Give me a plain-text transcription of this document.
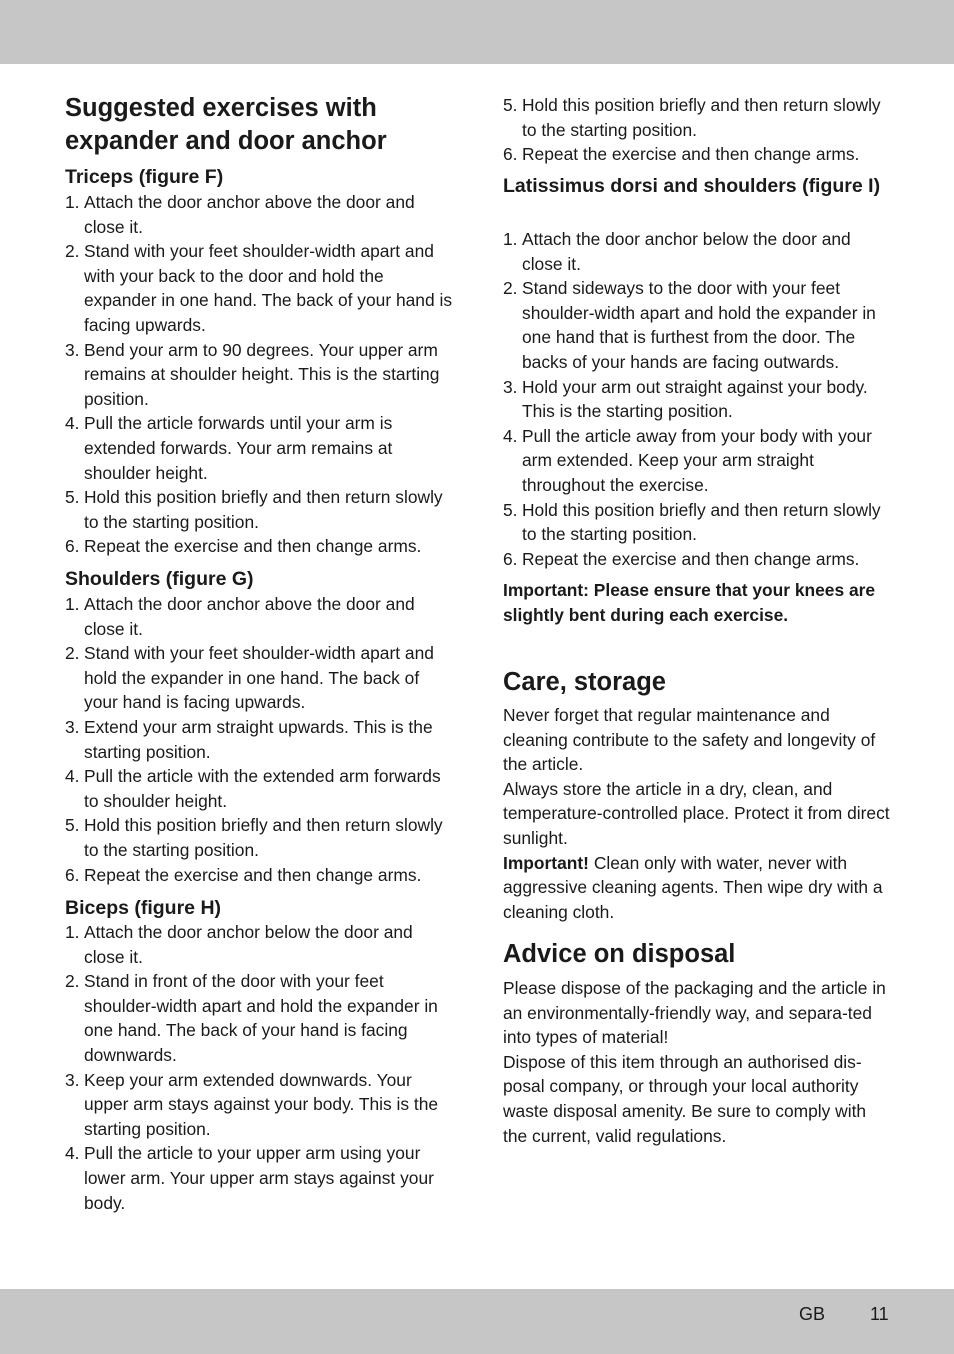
Suggested exercises with expander and door anchor
Triceps (figure F)
1. Attach the door anchor above the door and close it.
2. Stand with your feet shoulder-width apart and with your back to the door and hold the expander in one hand. The back of your hand is facing upwards.
3. Bend your arm to 90 degrees. Your upper arm remains at shoulder height. This is the starting position.
4. Pull the article forwards until your arm is extended forwards. Your arm remains at shoulder height.
5. Hold this position briefly and then return slowly to the starting position.
6. Repeat the exercise and then change arms.
Shoulders (figure G)
1. Attach the door anchor above the door and close it.
2. Stand with your feet shoulder-width apart and hold the expander in one hand. The back of your hand is facing upwards.
3. Extend your arm straight upwards. This is the starting position.
4. Pull the article with the extended arm forwards to shoulder height.
5. Hold this position briefly and then return slowly to the starting position.
6. Repeat the exercise and then change arms.
Biceps (figure H)
1. Attach the door anchor below the door and close it.
2. Stand in front of the door with your feet shoulder-width apart and hold the expander in one hand. The back of your hand is facing downwards.
3. Keep your arm extended downwards. Your upper arm stays against your body. This is the starting position.
4. Pull the article to your upper arm using your lower arm. Your upper arm stays against your body.
5. Hold this position briefly and then return slowly to the starting position.
6. Repeat the exercise and then change arms.
Latissimus dorsi and shoulders (figure I)
1. Attach the door anchor below the door and close it.
2. Stand sideways to the door with your feet shoulder-width apart and hold the expander in one hand that is furthest from the door. The backs of your hands are facing outwards.
3. Hold your arm out straight against your body. This is the starting position.
4. Pull the article away from your body with your arm extended. Keep your arm straight throughout the exercise.
5. Hold this position briefly and then return slowly to the starting position.
6. Repeat the exercise and then change arms.

Important: Please ensure that your knees are slightly bent during each exercise.

Care, storage

Never forget that regular maintenance and cleaning contribute to the safety and longevity of the article.

Always store the article in a dry, clean, and temperature-controlled place. Protect it from direct sunlight.

Important! Clean only with water, never with aggressive cleaning agents. Then wipe dry with a cleaning cloth.

Advice on disposal

Please dispose of the packaging and the article in an environmentally-friendly way, and separa-ted into types of material!

Dispose of this item through an authorised dis-posal company, or through your local authority waste disposal amenity. Be sure to comply with the current, valid regulations.

GB 11
